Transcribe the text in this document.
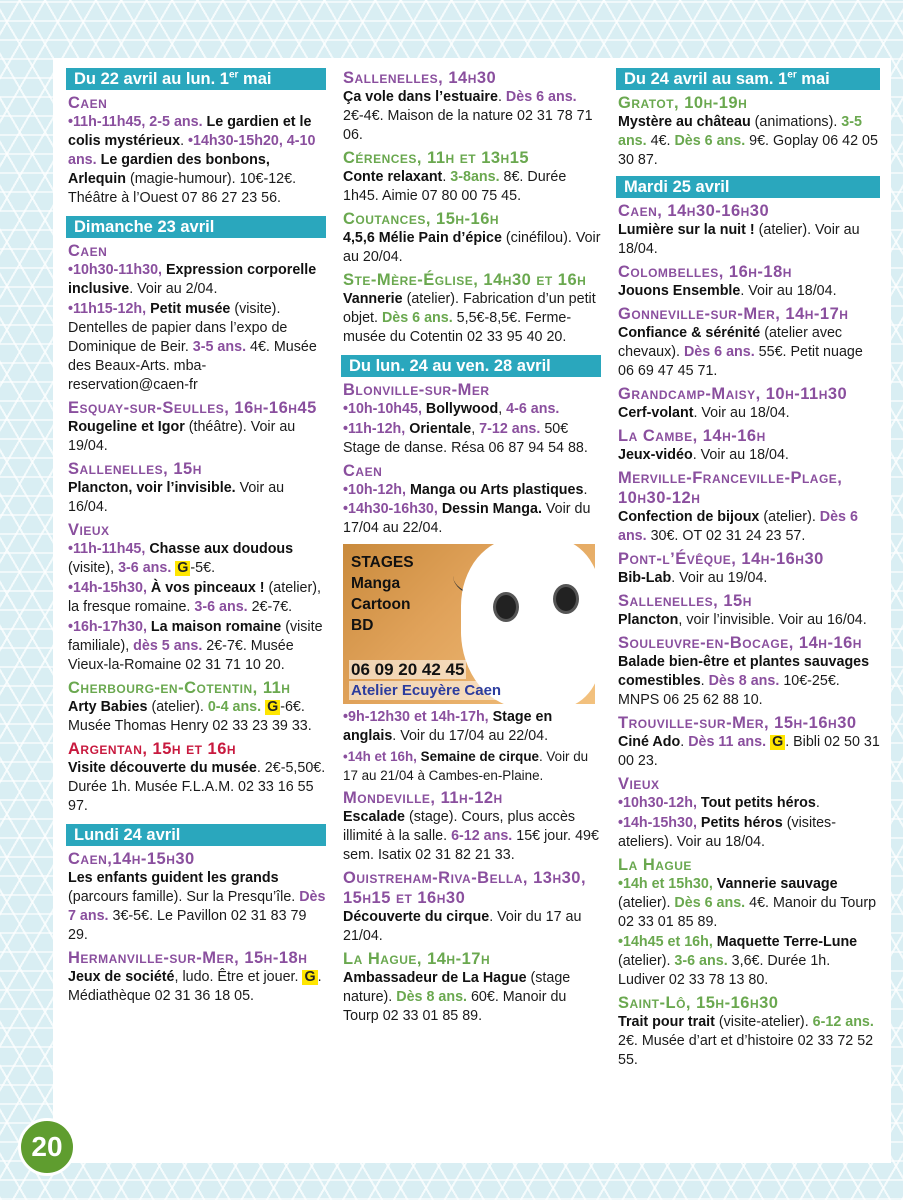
Du 22 avril au lun. 1er mai
Caen
•11h-11h45, 2-5 ans. Le gardien et le colis mystérieux. •14h30-15h20, 4-10 ans. Le gardien des bonbons, Arlequin (magie-humour). 10€-12€. Théâtre à l’Ouest 07 86 27 23 56.
Dimanche 23 avril
Caen
•10h30-11h30, Expression corporelle inclusive. Voir au 2/04.
•11h15-12h, Petit musée (visite). Dentelles de papier dans l’expo de Dominique de Beir. 3-5 ans. 4€. Musée des Beaux-Arts. mba-reservation@caen-fr
Esquay-sur-Seulles, 16h-16h45
Rougeline et Igor (théâtre). Voir au 19/04.
Sallenelles, 15h
Plancton, voir l’invisible. Voir au 16/04.
Vieux
•11h-11h45, Chasse aux doudous (visite), 3-6 ans. G -5€.
•14h-15h30, À vos pinceaux ! (atelier), la fresque romaine. 3-6 ans. 2€-7€.
•16h-17h30, La maison romaine (visite familiale), dès 5 ans. 2€-7€. Musée Vieux-la-Romaine 02 31 71 10 20.
Cherbourg-en-Cotentin, 11h
Arty Babies (atelier). 0-4 ans. G -6€. Musée Thomas Henry 02 33 23 39 33.
Argentan, 15h et 16h
Visite découverte du musée. 2€-5,50€. Durée 1h. Musée F.L.A.M. 02 33 16 55 97.
Lundi 24 avril
Caen,14h-15h30
Les enfants guident les grands (parcours famille). Sur la Presqu’île. Dès 7 ans. 3€-5€. Le Pavillon 02 31 83 79 29.
Hermanville-sur-Mer, 15h-18h
Jeux de société, ludo. Être et jouer. G . Médiathèque 02 31 36 18 05.
Sallenelles, 14h30
Ça vole dans l’estuaire. Dès 6 ans. 2€-4€. Maison de la nature 02 31 78 71 06.
Cérences, 11h et 13h15
Conte relaxant. 3-8ans. 8€. Durée 1h45. Aimie 07 80 00 75 45.
Coutances, 15h-16h
4,5,6 Mélie Pain d’épice (cinéfilou). Voir au 20/04.
Ste-Mère-Église, 14h30 et 16h
Vannerie (atelier). Fabrication d’un petit objet. Dès 6 ans. 5,5€-8,5€. Ferme-musée du Cotentin 02 33 95 40 20.
Du lun. 24 au ven. 28 avril
Blonville-sur-Mer
•10h-10h45, Bollywood, 4-6 ans.
•11h-12h, Orientale, 7-12 ans. 50€ Stage de danse. Résa 06 87 94 54 88.
Caen
•10h-12h, Manga ou Arts plastiques. •14h30-16h30, Dessin Manga. Voir du 17/04 au 22/04.
STAGES
Manga
Cartoon
BD
06 09 20 42 45
Atelier Ecuyère Caen
•9h-12h30 et 14h-17h, Stage en anglais. Voir du 17/04 au 22/04.
•14h et 16h, Semaine de cirque. Voir du 17 au 21/04 à Cambes-en-Plaine.
Mondeville, 11h-12h
Escalade (stage). Cours, plus accès illimité à la salle. 6-12 ans. 15€ jour. 49€ sem. Isatix 02 31 82 21 33.
Ouistreham-Riva-Bella, 13h30, 15h15 et 16h30
Découverte du cirque. Voir du 17 au 21/04.
La Hague, 14h-17h
Ambassadeur de La Hague (stage nature). Dès 8 ans. 60€. Manoir du Tourp 02 33 01 85 89.
Du 24 avril au sam. 1er mai
Gratot, 10h-19h
Mystère au château (animations). 3-5 ans. 4€. Dès 6 ans. 9€. Goplay 06 42 05 30 87.
Mardi 25 avril
Caen, 14h30-16h30
Lumière sur la nuit ! (atelier). Voir au 18/04.
Colombelles, 16h-18h
Jouons Ensemble. Voir au 18/04.
Gonneville-sur-Mer, 14h-17h
Confiance & sérénité (atelier avec chevaux). Dès 6 ans. 55€. Petit nuage 06 69 47 45 71.
Grandcamp-Maisy, 10h-11h30
Cerf-volant. Voir au 18/04.
La Cambe, 14h-16h
Jeux-vidéo. Voir au 18/04.
Merville-Franceville-Plage, 10h30-12h
Confection de bijoux (atelier). Dès 6 ans. 30€. OT 02 31 24 23 57.
Pont-l’Évêque, 14h-16h30
Bib-Lab. Voir au 19/04.
Sallenelles, 15h
Plancton, voir l’invisible. Voir au 16/04.
Souleuvre-en-Bocage, 14h-16h
Balade bien-être et plantes sauvages comestibles. Dès 8 ans. 10€-25€. MNPS 06 25 62 88 10.
Trouville-sur-Mer, 15h-16h30
Ciné Ado. Dès 11 ans. G . Bibli 02 50 31 00 23.
Vieux
•10h30-12h, Tout petits héros.
•14h-15h30, Petits héros (visites-ateliers). Voir au 18/04.
La Hague
•14h et 15h30, Vannerie sauvage (atelier). Dès 6 ans. 4€. Manoir du Tourp 02 33 01 85 89.
•14h45 et 16h, Maquette Terre-Lune (atelier). 3-6 ans. 3,6€. Durée 1h. Ludiver 02 33 78 13 80.
Saint-Lô, 15h-16h30
Trait pour trait (visite-atelier). 6-12 ans. 2€. Musée d’art et d’histoire 02 33 72 52 55.
20
